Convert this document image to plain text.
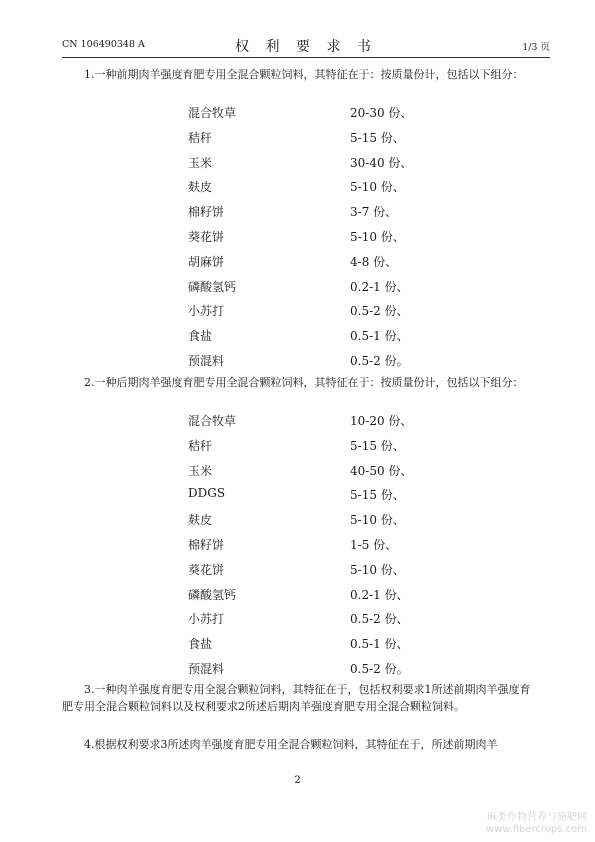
CN 106490348 A	权 利 要 求 书	1/3 页

1.一种前期肉羊强度育肥专用全混合颗粒饲料，其特征在于：按质量份计，包括以下组分：

混合牧草	20-30 份、
秸秆	5-15 份、
玉米	30-40 份、
麸皮	5-10 份、
棉籽饼	3-7 份、
葵花饼	5-10 份、
胡麻饼	4-8 份、
磷酸氢钙	0.2-1 份、
小苏打	0.5-2 份、
食盐	0.5-1 份、
预混料	0.5-2 份。

2.一种后期肉羊强度育肥专用全混合颗粒饲料，其特征在于：按质量份计，包括以下组分：

混合牧草	10-20 份、
秸秆	5-15 份、
玉米	40-50 份、
DDGS	5-15 份、
麸皮	5-10 份、
棉籽饼	1-5 份、
葵花饼	5-10 份、
磷酸氢钙	0.2-1 份、
小苏打	0.5-2 份、
食盐	0.5-1 份、
预混料	0.5-2 份。

3.一种肉羊强度育肥专用全混合颗粒饲料，其特征在于，包括权利要求1所述前期肉羊强度育肥专用全混合颗粒饲料以及权利要求2所述后期肉羊强度育肥专用全混合颗粒饲料。

4.根据权利要求3所述肉羊强度育肥专用全混合颗粒饲料，其特征在于，所述前期肉羊

2
麻类作物营养与施肥网
www.fibercrops.com
